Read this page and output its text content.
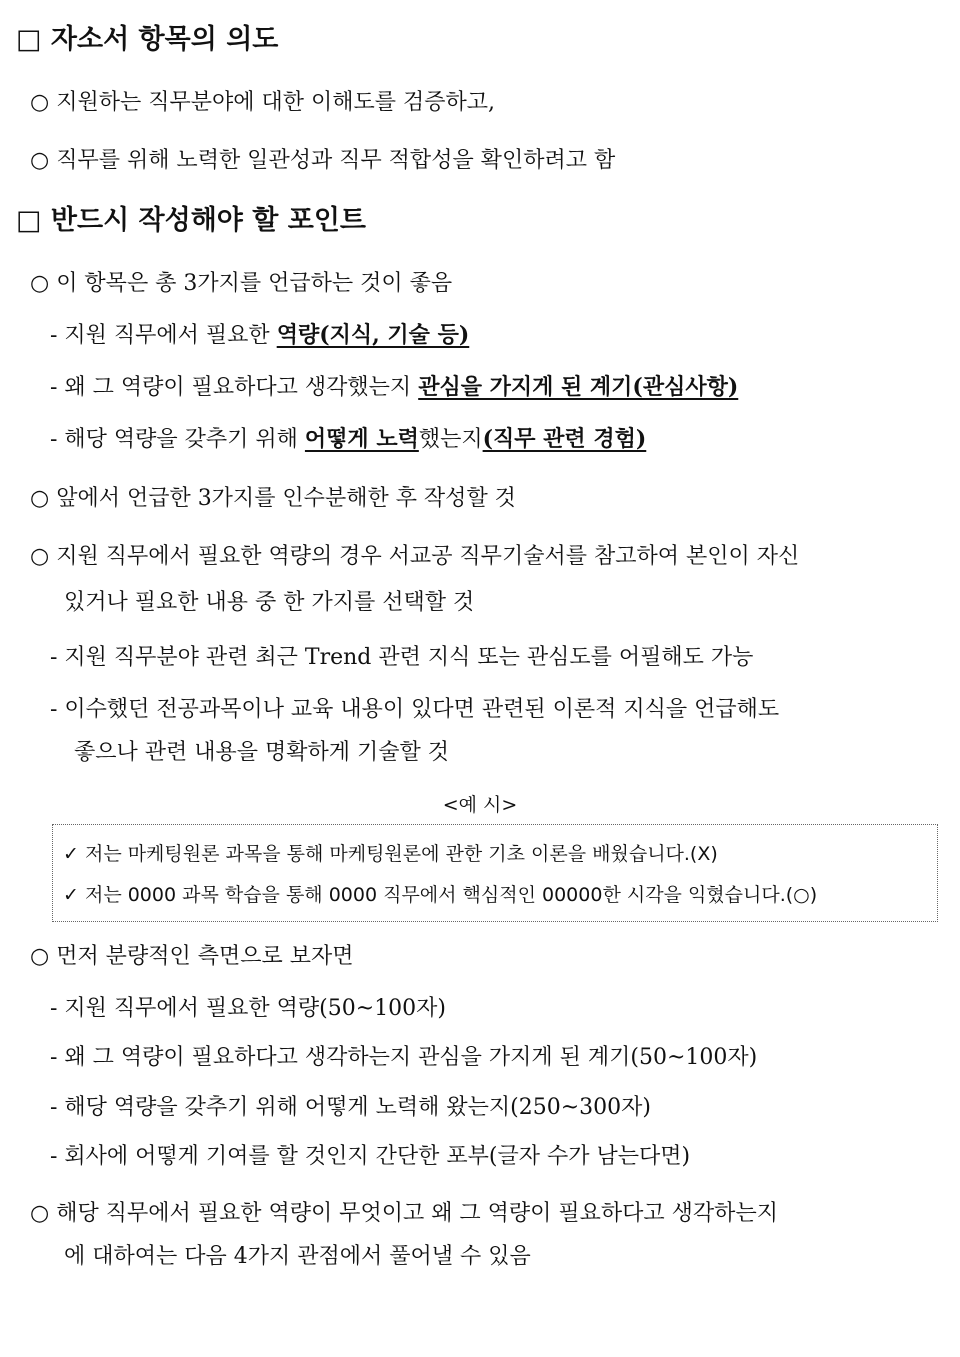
□ 자소서 항목의 의도
○ 지원하는 직무분야에 대한 이해도를 검증하고,
○ 직무를 위해 노력한 일관성과 직무 적합성을 확인하려고 함
□ 반드시 작성해야 할 포인트
○ 이 항목은 총 3가지를 언급하는 것이 좋음
- 지원 직무에서 필요한 역량(지식, 기술 등)
- 왜 그 역량이 필요하다고 생각했는지 관심을 가지게 된 계기(관심사항)
- 해당 역량을 갖추기 위해 어떻게 노력했는지(직무 관련 경험)
○ 앞에서 언급한 3가지를 인수분해한 후 작성할 것
○ 지원 직무에서 필요한 역량의 경우 서교공 직무기술서를 참고하여 본인이 자신
있거나 필요한 내용 중 한 가지를 선택할 것
- 지원 직무분야 관련 최근 Trend 관련 지식 또는 관심도를 어필해도 가능
- 이수했던 전공과목이나 교육 내용이 있다면 관련된 이론적 지식을 언급해도
좋으나 관련 내용을 명확하게 기술할 것
<예 시>
✓ 저는 마케팅원론 과목을 통해 마케팅원론에 관한 기초 이론을 배웠습니다.(X)
✓ 저는 0000 과목 학습을 통해 0000 직무에서 핵심적인 00000한 시각을 익혔습니다.(○)
○ 먼저 분량적인 측면으로 보자면
- 지원 직무에서 필요한 역량(50~100자)
- 왜 그 역량이 필요하다고 생각하는지 관심을 가지게 된 계기(50~100자)
- 해당 역량을 갖추기 위해 어떻게 노력해 왔는지(250~300자)
- 회사에 어떻게 기여를 할 것인지 간단한 포부(글자 수가 남는다면)
○ 해당 직무에서 필요한 역량이 무엇이고 왜 그 역량이 필요하다고 생각하는지
에 대하여는 다음 4가지 관점에서 풀어낼 수 있음
